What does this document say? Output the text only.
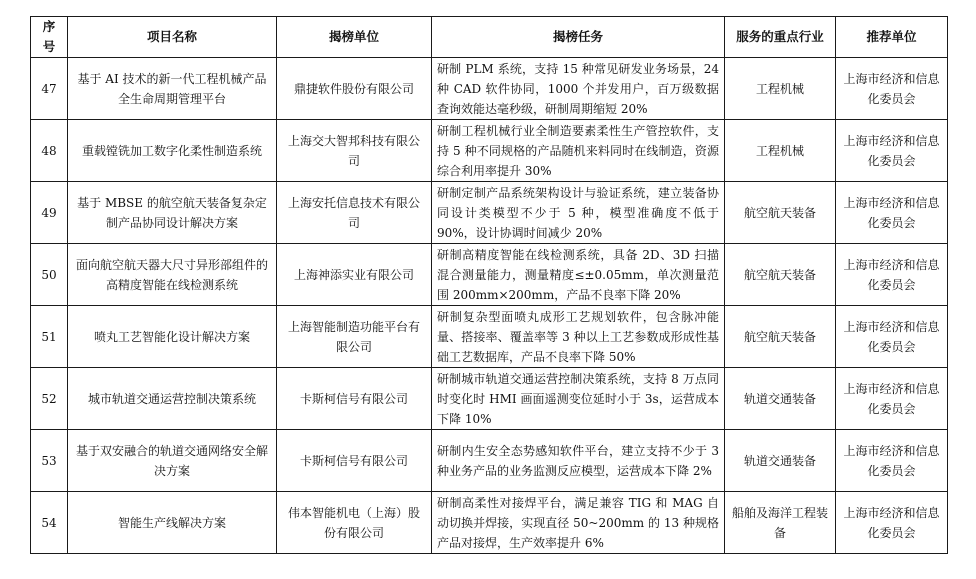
序号	项目名称	揭榜单位	揭榜任务	服务的重点行业	推荐单位
47	基于 AI 技术的新一代工程机械产品全生命周期管理平台	鼎捷软件股份有限公司	研制 PLM 系统，支持 15 种常见研发业务场景，24 种 CAD 软件协同，1000 个并发用户，百万级数据查询效能达毫秒级，研制周期缩短 20%	工程机械	上海市经济和信息化委员会
48	重载镗铣加工数字化柔性制造系统	上海交大智邦科技有限公司	研制工程机械行业全制造要素柔性生产管控软件，支持 5 种不同规格的产品随机来料同时在线制造，资源综合利用率提升 30%	工程机械	上海市经济和信息化委员会
49	基于 MBSE 的航空航天装备复杂定制产品协同设计解决方案	上海安托信息技术有限公司	研制定制产品系统架构设计与验证系统，建立装备协同设计类模型不少于 5 种，模型准确度不低于 90%，设计协调时间减少 20%	航空航天装备	上海市经济和信息化委员会
50	面向航空航天器大尺寸异形部组件的高精度智能在线检测系统	上海神添实业有限公司	研制高精度智能在线检测系统，具备 2D、3D 扫描混合测量能力，测量精度≤±0.05mm，单次测量范围 200mm×200mm，产品不良率下降 20%	航空航天装备	上海市经济和信息化委员会
51	喷丸工艺智能化设计解决方案	上海智能制造功能平台有限公司	研制复杂型面喷丸成形工艺规划软件，包含脉冲能量、搭接率、覆盖率等 3 种以上工艺参数成形成性基础工艺数据库，产品不良率下降 50%	航空航天装备	上海市经济和信息化委员会
52	城市轨道交通运营控制决策系统	卡斯柯信号有限公司	研制城市轨道交通运营控制决策系统，支持 8 万点同时变化时 HMI 画面遥测变位延时小于 3s，运营成本下降 10%	轨道交通装备	上海市经济和信息化委员会
53	基于双安融合的轨道交通网络安全解决方案	卡斯柯信号有限公司	研制内生安全态势感知软件平台，建立支持不少于 3 种业务产品的业务监测反应模型，运营成本下降 2%	轨道交通装备	上海市经济和信息化委员会
54	智能生产线解决方案	伟本智能机电（上海）股份有限公司	研制高柔性对接焊平台，满足兼容 TIG 和 MAG 自动切换并焊接，实现直径 50~200mm 的 13 种规格产品对接焊，生产效率提升 6%	船舶及海洋工程装备	上海市经济和信息化委员会
